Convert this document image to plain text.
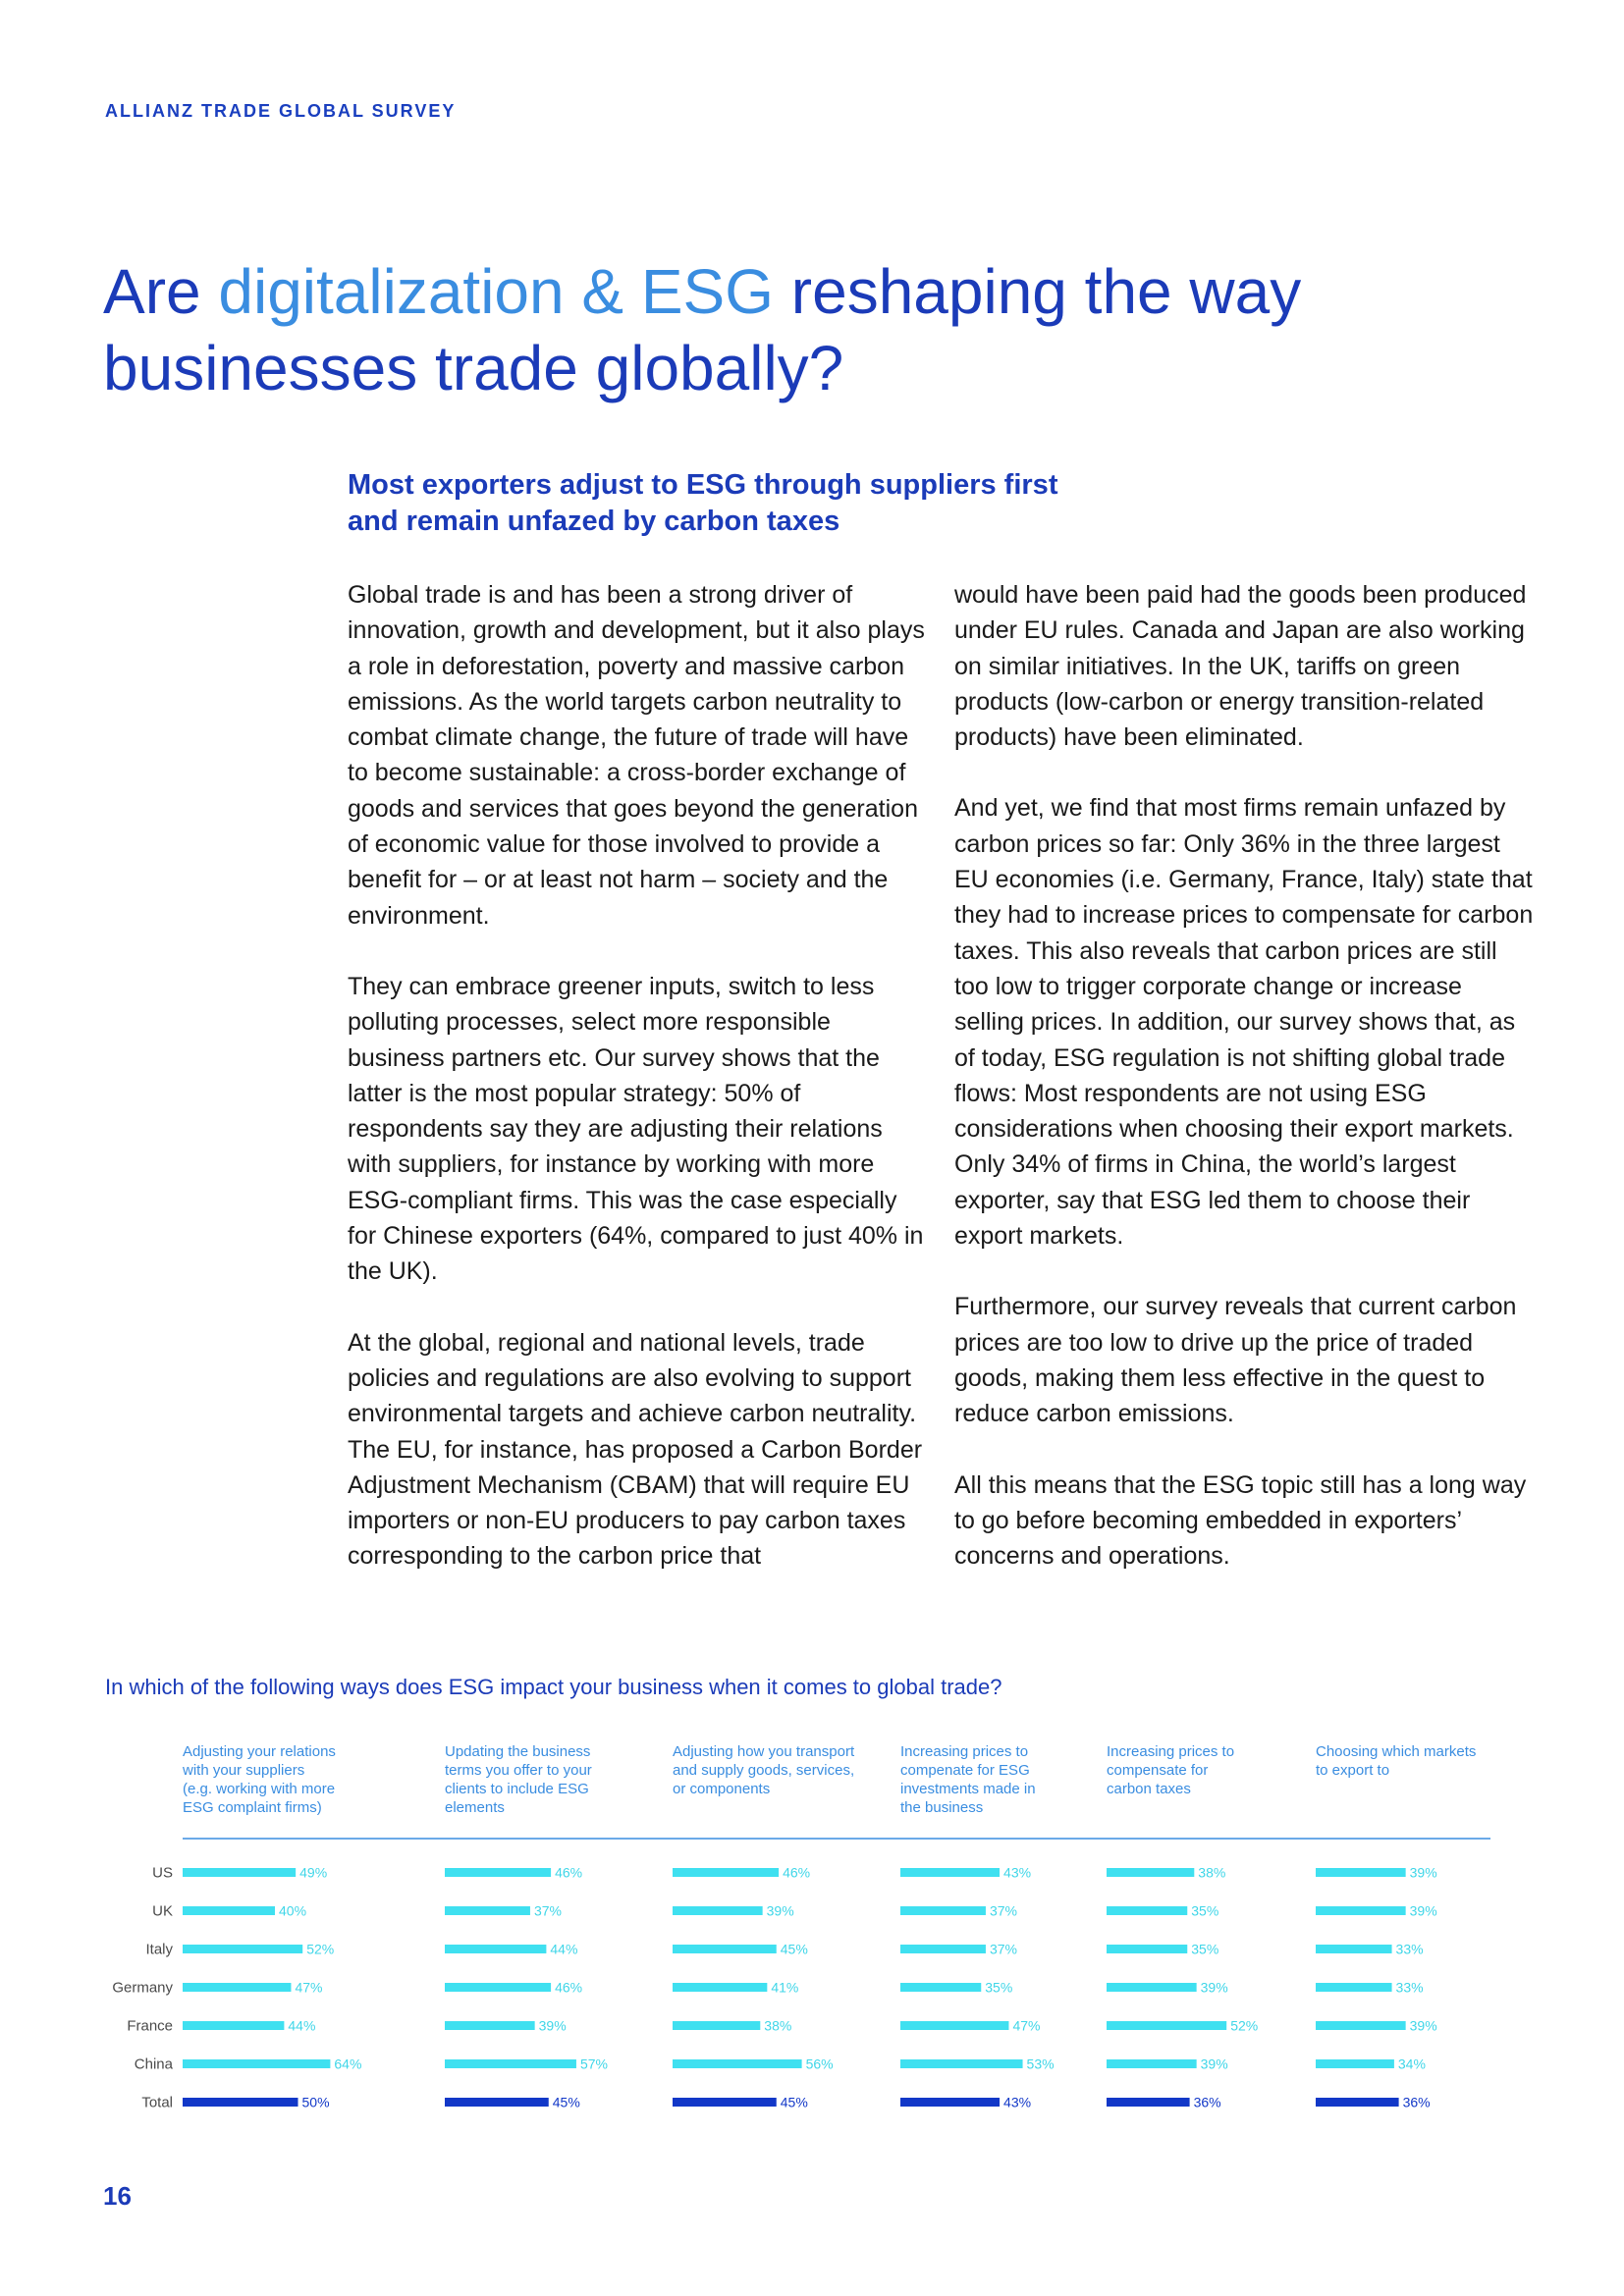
ALLIANZ TRADE GLOBAL SURVEY
Are digitalization & ESG reshaping the way businesses trade globally?
Most exporters adjust to ESG through suppliers first
and remain unfazed by carbon taxes

Global trade is and has been a strong driver of innovation, growth and development, but it also plays a role in deforestation, poverty and massive carbon emissions. As the world targets carbon neutrality to combat climate change, the future of trade will have to become sustainable: a cross-border exchange of goods and services that goes beyond the generation of economic value for those involved to provide a benefit for – or at least not harm – society and the environment.

They can embrace greener inputs, switch to less polluting processes, select more responsible business partners etc. Our survey shows that the latter is the most popular strategy: 50% of respondents say they are adjusting their relations with suppliers, for instance by working with more ESG-compliant firms. This was the case especially for Chinese exporters (64%, compared to just 40% in the UK).

At the global, regional and national levels, trade policies and regulations are also evolving to support environmental targets and achieve carbon neutrality. The EU, for instance, has proposed a Carbon Border Adjustment Mechanism (CBAM) that will require EU importers or non-EU producers to pay carbon taxes corresponding to the carbon price that

would have been paid had the goods been produced under EU rules. Canada and Japan are also working on similar initiatives. In the UK, tariffs on green products (low-carbon or energy transition-related products) have been eliminated.

And yet, we find that most firms remain unfazed by carbon prices so far: Only 36% in the three largest EU economies (i.e. Germany, France, Italy) state that they had to increase prices to compensate for carbon taxes. This also reveals that carbon prices are still too low to trigger corporate change or increase selling prices. In addition, our survey shows that, as of today, ESG regulation is not shifting global trade flows: Most respondents are not using ESG considerations when choosing their export markets. Only 34% of firms in China, the world’s largest exporter, say that ESG led them to choose their export markets.

Furthermore, our survey reveals that current carbon prices are too low to drive up the price of traded goods, making them less effective in the quest to reduce carbon emissions.

All this means that the ESG topic still has a long way to go before becoming embedded in exporters’ concerns and operations.

In which of the following ways does ESG impact your business when it comes to global trade?
Adjusting your relations
with your suppliers
(e.g. working with more
ESG complaint firms)
Updating the business
terms you offer to your
clients to include ESG
elements
Adjusting how you transport
and supply goods, services,
or components
Increasing prices to
compenate for ESG
investments made in
the business
Increasing prices to
compensate for
carbon taxes
Choosing which markets
to export to
US
UK
Italy
Germany
France
China
Total
49%
40%
52%
47%
44%
64%
50%
46%
37%
44%
46%
39%
57%
45%
46%
39%
45%
41%
38%
56%
45%
43%
37%
37%
35%
47%
53%
43%
38%
35%
35%
39%
52%
39%
36%
39%
39%
33%
33%
39%
34%
36%
16
